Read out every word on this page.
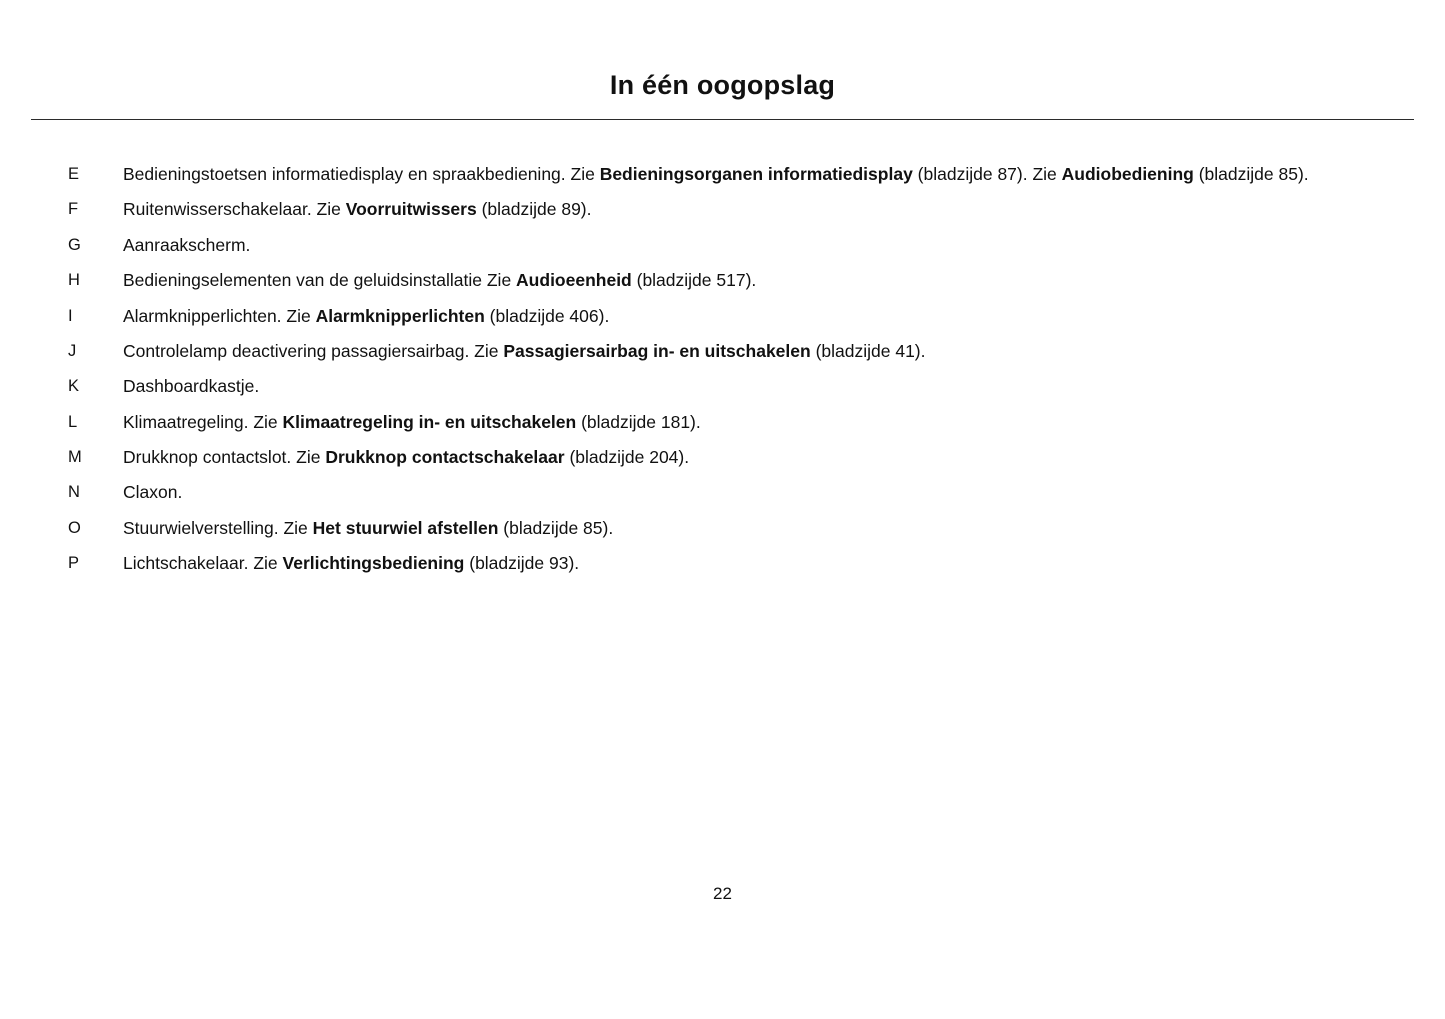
In één oogopslag
E	Bedieningstoetsen informatiedisplay en spraakbediening. Zie Bedieningsorganen informatiedisplay (bladzijde 87). Zie Audiobediening (bladzijde 85).
F	Ruitenwisserschakelaar. Zie Voorruitwissers (bladzijde 89).
G	Aanraakscherm.
H	Bedieningselementen van de geluidsinstallatie Zie Audioeenheid (bladzijde 517).
I	Alarmknipperlichten. Zie Alarmknipperlichten (bladzijde 406).
J	Controlelamp deactivering passagiersairbag. Zie Passagiersairbag in- en uitschakelen (bladzijde 41).
K	Dashboardkastje.
L	Klimaatregeling. Zie Klimaatregeling in- en uitschakelen (bladzijde 181).
M	Drukknop contactslot. Zie Drukknop contactschakelaar (bladzijde 204).
N	Claxon.
O	Stuurwielverstelling. Zie Het stuurwiel afstellen (bladzijde 85).
P	Lichtschakelaar. Zie Verlichtingsbediening (bladzijde 93).
22
